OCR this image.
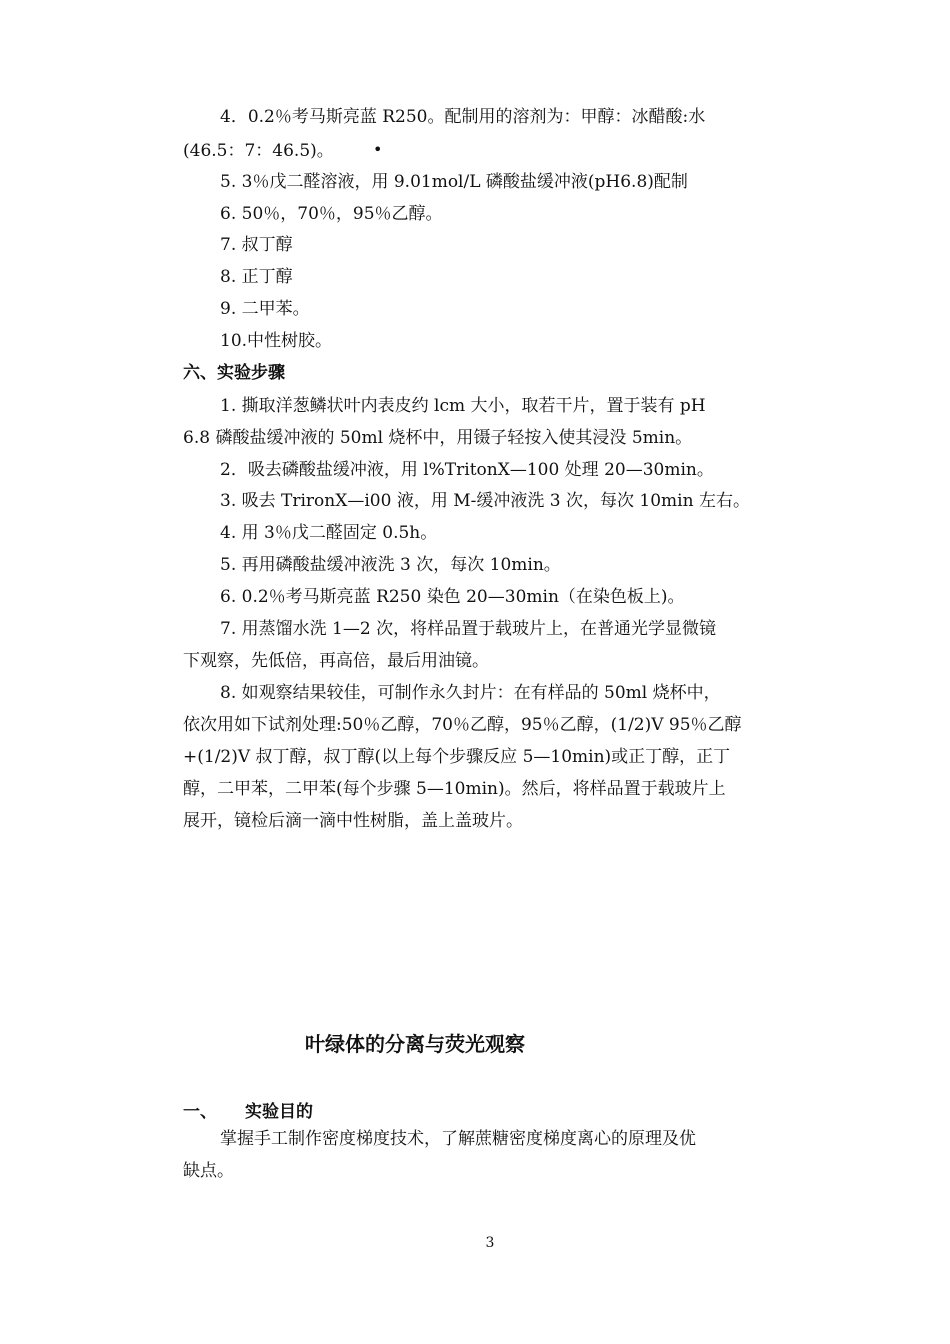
4．0.2％考马斯亮蓝 R250。配制用的溶剂为：甲醇：冰醋酸:水
(46.5：7：46.5)。	•
5. 3％戊二醛溶液，用 9.01mol/L 磷酸盐缓冲液(pH6.8)配制
6. 50％，70％，95％乙醇。
7. 叔丁醇
8. 正丁醇
9. 二甲苯。
10.中性树胶。
六、实验步骤
1. 撕取洋葱鳞状叶内表皮约 lcm 大小，取若干片，置于装有 pH
6.8 磷酸盐缓冲液的 50ml 烧杯中，用镊子轻按入使其浸没 5min。
2．吸去磷酸盐缓冲液，用 l%TritonX—100 处理 20—30min。
3. 吸去 TrironX—i00 液，用 M-缓冲液洗 3 次，每次 10min 左右。
4. 用 3％戊二醛固定 0.5h。
5. 再用磷酸盐缓冲液洗 3 次，每次 10min。
6. 0.2％考马斯亮蓝 R250 染色 20—30min（在染色板上)。
7. 用蒸馏水洗 1—2 次，将样品置于载玻片上，在普通光学显微镜
下观察，先低倍，再高倍，最后用油镜。
8. 如观察结果较佳，可制作永久封片：在有样品的 50ml 烧杯中，
依次用如下试剂处理:50％乙醇，70％乙醇，95％乙醇，(1/2)V 95％乙醇
+(1/2)V 叔丁醇，叔丁醇(以上每个步骤反应 5—10min)或正丁醇，正丁
醇，二甲苯，二甲苯(每个步骤 5—10min)。然后，将样品置于载玻片上
展开，镜检后滴一滴中性树脂，盖上盖玻片。
叶绿体的分离与荧光观察
一、 实验目的
掌握手工制作密度梯度技术，了解蔗糖密度梯度离心的原理及优
缺点。
3
